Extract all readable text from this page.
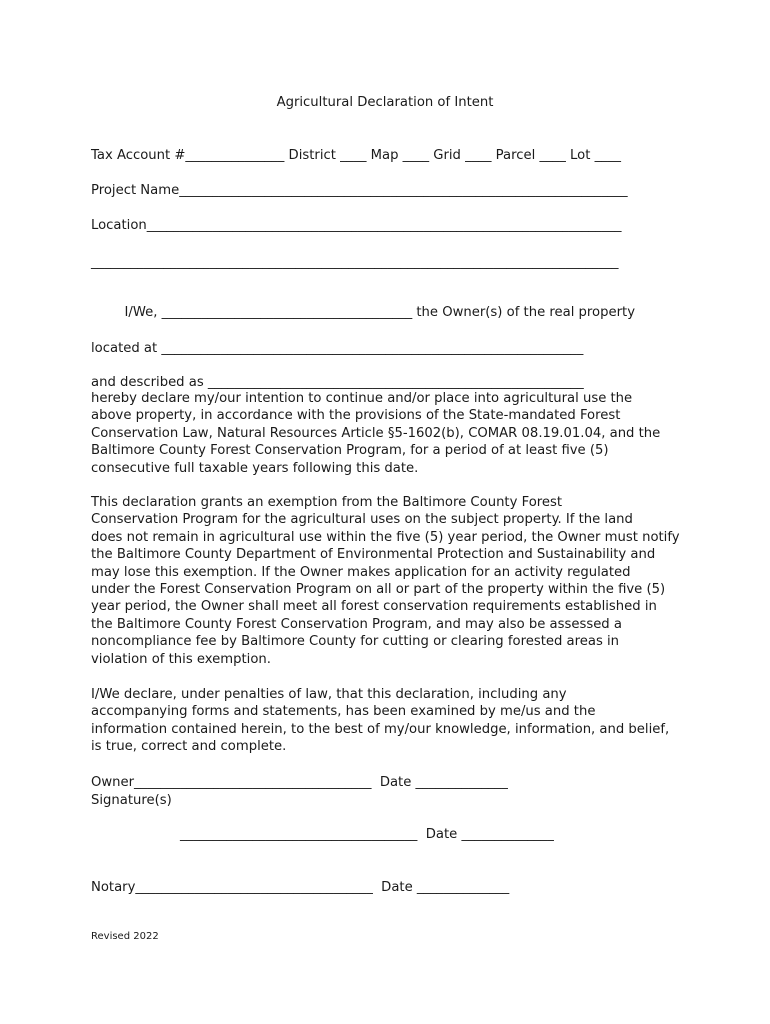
Agricultural Declaration of Intent
Tax Account #_______________ District ____ Map ____ Grid ____ Parcel ____ Lot ____
Project Name____________________________________________________________________
Location________________________________________________________________________
________________________________________________________________________________
I/We, ______________________________________ the Owner(s) of the real property
located at ________________________________________________________________
and described as _________________________________________________________
hereby declare my/our intention to continue and/or place into agricultural use the
above property, in accordance with the provisions of the State-mandated Forest
Conservation Law, Natural Resources Article §5-1602(b), COMAR 08.19.01.04, and the
Baltimore County Forest Conservation Program, for a period of at least five (5)
consecutive full taxable years following this date.
This declaration grants an exemption from the Baltimore County Forest
Conservation Program for the agricultural uses on the subject property. If the land
does not remain in agricultural use within the five (5) year period, the Owner must notify
the Baltimore County Department of Environmental Protection and Sustainability and
may lose this exemption. If the Owner makes application for an activity regulated
under the Forest Conservation Program on all or part of the property within the five (5)
year period, the Owner shall meet all forest conservation requirements established in
the Baltimore County Forest Conservation Program, and may also be assessed a
noncompliance fee by Baltimore County for cutting or clearing forested areas in
violation of this exemption.
I/We declare, under penalties of law, that this declaration, including any
accompanying forms and statements, has been examined by me/us and the
information contained herein, to the best of my/our knowledge, information, and belief,
is true, correct and complete.
Owner____________________________________  Date ______________
Signature(s)
____________________________________  Date ______________
Notary____________________________________  Date ______________
Revised 2022
